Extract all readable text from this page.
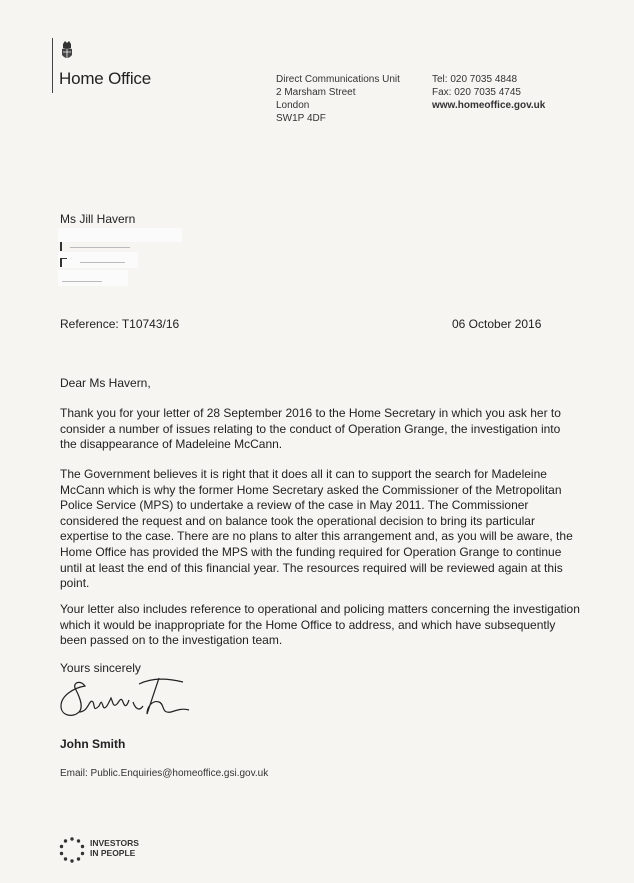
Home Office	Direct Communications Unit
2 Marsham Street
London
SW1P 4DF
Tel: 020 7035 4848
Fax: 020 7035 4745
www.homeoffice.gov.uk
Ms Jill Havern
Reference: T10743/16	06 October 2016
Dear Ms Havern,

Thank you for your letter of 28 September 2016 to the Home Secretary in which you ask her to consider a number of issues relating to the conduct of Operation Grange, the investigation into the disappearance of Madeleine McCann.

The Government believes it is right that it does all it can to support the search for Madeleine McCann which is why the former Home Secretary asked the Commissioner of the Metropolitan Police Service (MPS) to undertake a review of the case in May 2011. The Commissioner considered the request and on balance took the operational decision to bring its particular expertise to the case. There are no plans to alter this arrangement and, as you will be aware, the Home Office has provided the MPS with the funding required for Operation Grange to continue until at least the end of this financial year. The resources required will be reviewed again at this point.

Your letter also includes reference to operational and policing matters concerning the investigation which it would be inappropriate for the Home Office to address, and which have subsequently been passed on to the investigation team.

Yours sincerely
John Smith
Email: Public.Enquiries@homeoffice.gsi.gov.uk
INVESTORS
IN PEOPLE
